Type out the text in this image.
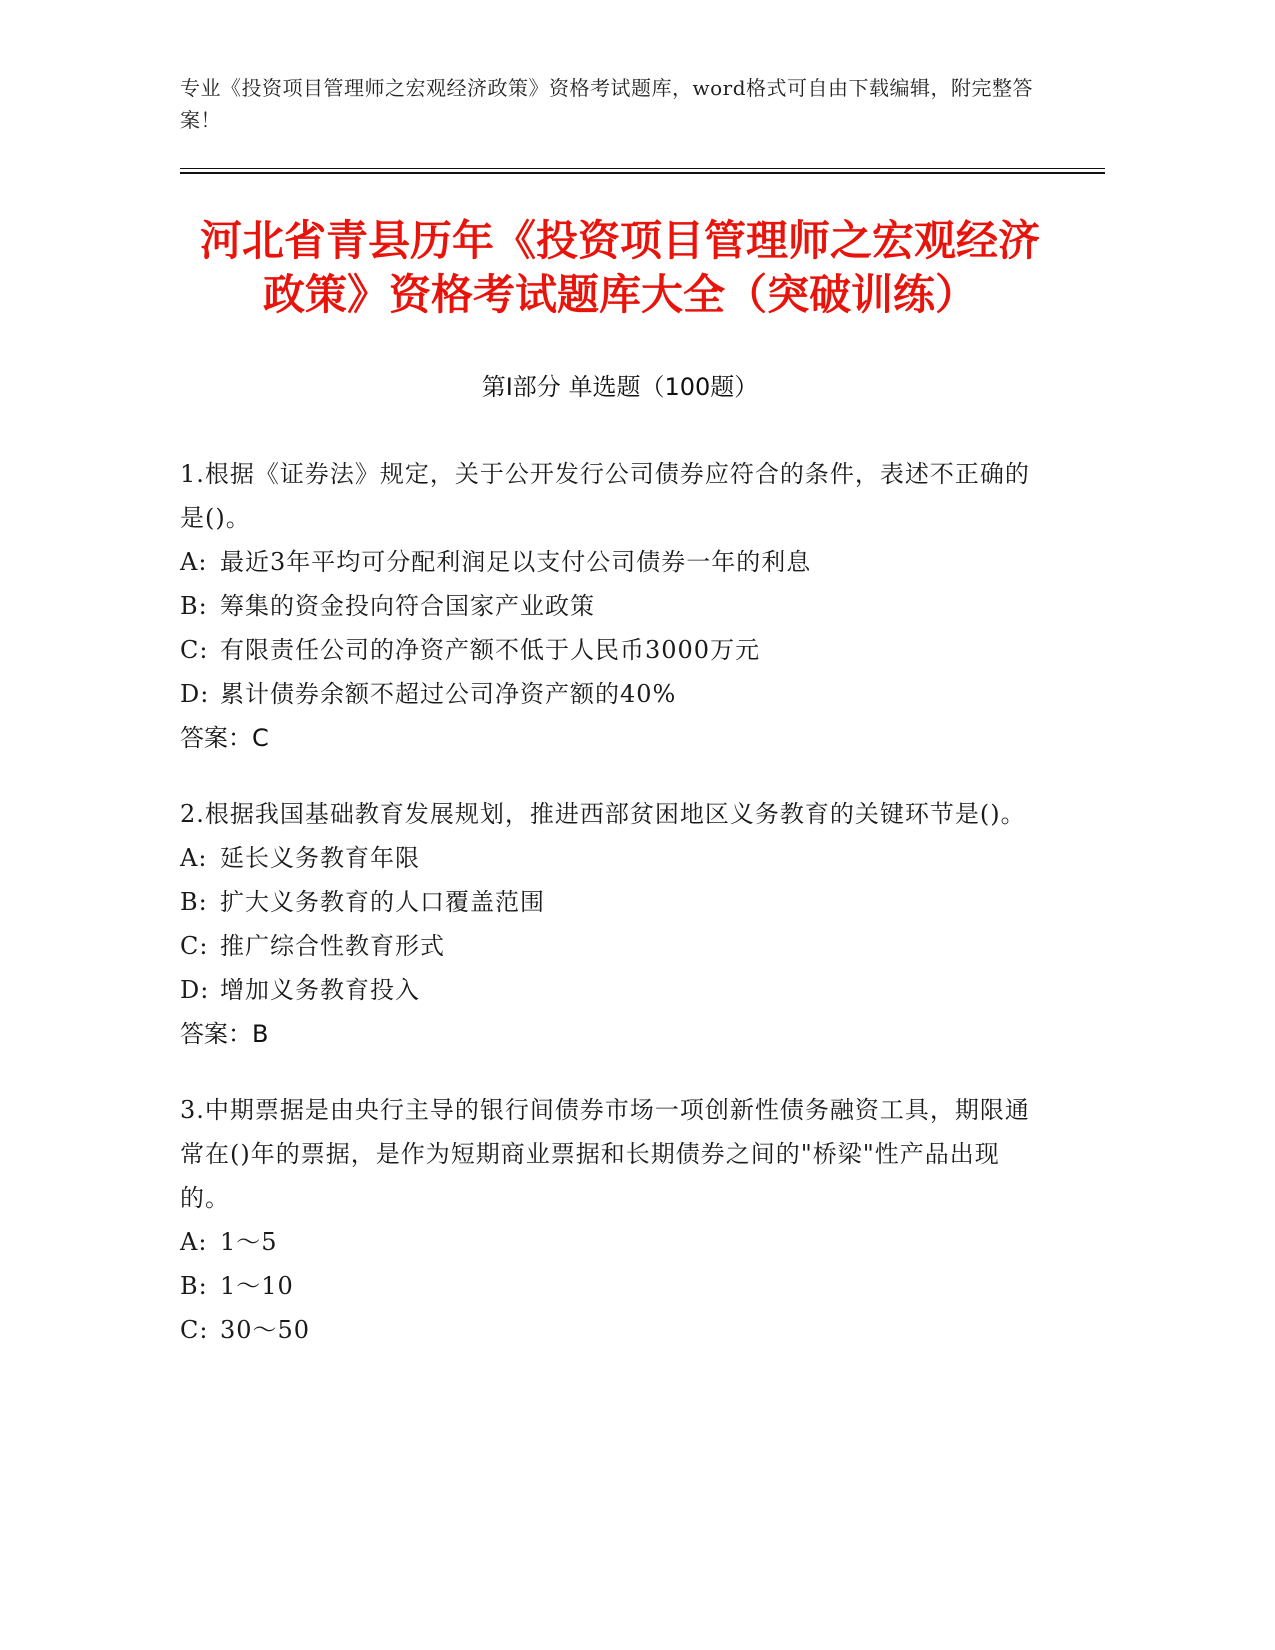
专业《投资项目管理师之宏观经济政策》资格考试题库，word格式可自由下载编辑，附完整答案！
河北省青县历年《投资项目管理师之宏观经济政策》资格考试题库大全（突破训练）
第I部分 单选题（100题）
1.根据《证券法》规定，关于公开发行公司债券应符合的条件，表述不正确的是()。
A: 最近3年平均可分配利润足以支付公司债券一年的利息
B: 筹集的资金投向符合国家产业政策
C: 有限责任公司的净资产额不低于人民币3000万元
D: 累计债券余额不超过公司净资产额的40%
答案：C
2.根据我国基础教育发展规划，推进西部贫困地区义务教育的关键环节是()。
A: 延长义务教育年限
B: 扩大义务教育的人口覆盖范围
C: 推广综合性教育形式
D: 增加义务教育投入
答案：B
3.中期票据是由央行主导的银行间债券市场一项创新性债务融资工具，期限通常在()年的票据，是作为短期商业票据和长期债券之间的"桥梁"性产品出现的。
A: 1～5
B: 1～10
C: 30～50
